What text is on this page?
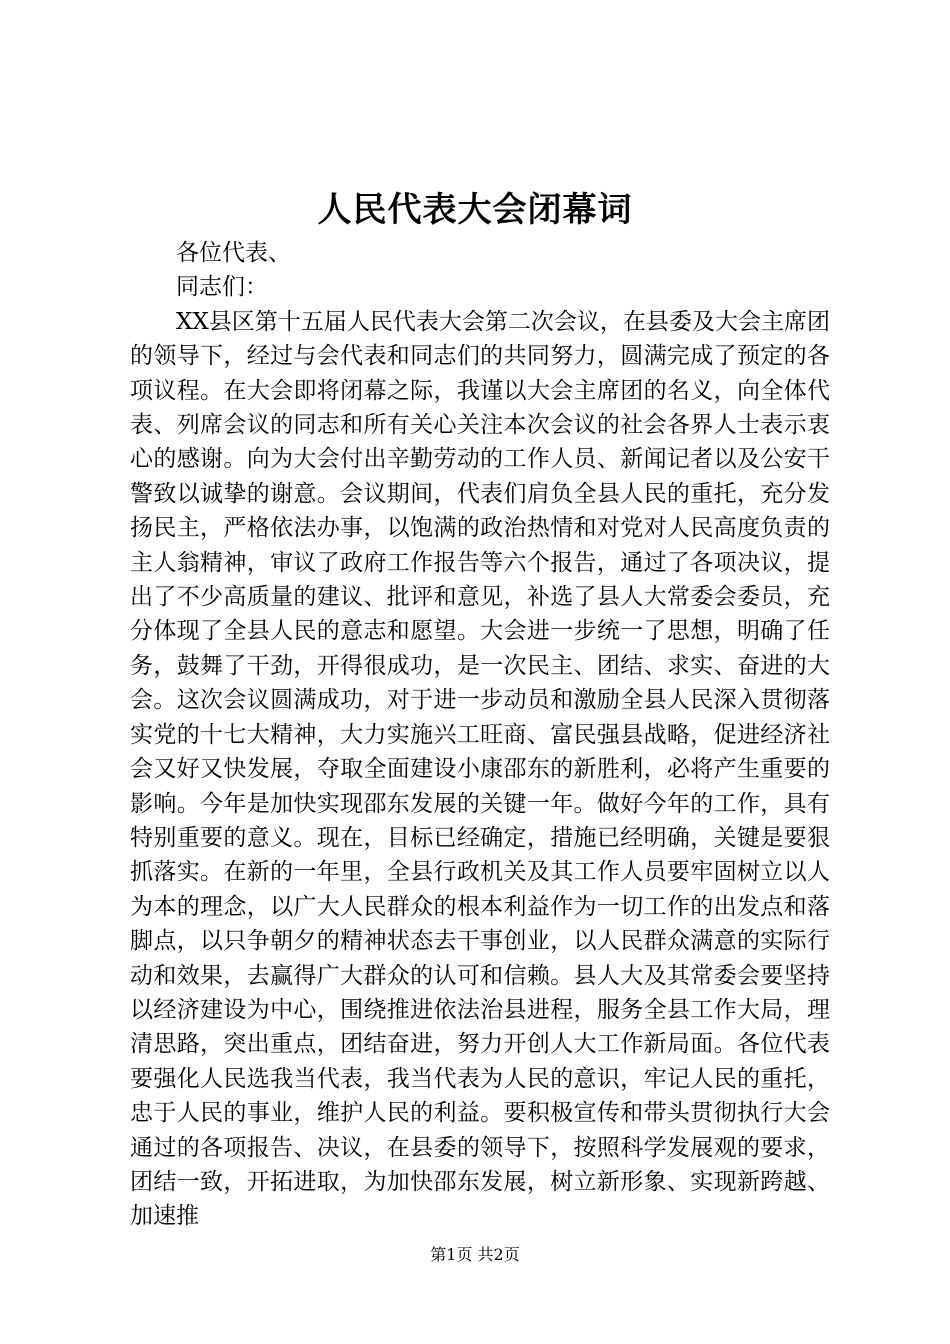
人民代表大会闭幕词

各位代表、

同志们：

XX县区第十五届人民代表大会第二次会议，在县委及大会主席团的领导下，经过与会代表和同志们的共同努力，圆满完成了预定的各项议程。在大会即将闭幕之际，我谨以大会主席团的名义，向全体代表、列席会议的同志和所有关心关注本次会议的社会各界人士表示衷心的感谢。向为大会付出辛勤劳动的工作人员、新闻记者以及公安干警致以诚挚的谢意。会议期间，代表们肩负全县人民的重托，充分发扬民主，严格依法办事，以饱满的政治热情和对党对人民高度负责的主人翁精神，审议了政府工作报告等六个报告，通过了各项决议，提出了不少高质量的建议、批评和意见，补选了县人大常委会委员，充分体现了全县人民的意志和愿望。大会进一步统一了思想，明确了任务，鼓舞了干劲，开得很成功，是一次民主、团结、求实、奋进的大会。这次会议圆满成功，对于进一步动员和激励全县人民深入贯彻落实党的十七大精神，大力实施兴工旺商、富民强县战略，促进经济社会又好又快发展，夺取全面建设小康邵东的新胜利，必将产生重要的影响。今年是加快实现邵东发展的关键一年。做好今年的工作，具有特别重要的意义。现在，目标已经确定，措施已经明确，关键是要狠抓落实。在新的一年里，全县行政机关及其工作人员要牢固树立以人为本的理念，以广大人民群众的根本利益作为一切工作的出发点和落脚点，以只争朝夕的精神状态去干事创业，以人民群众满意的实际行动和效果，去赢得广大群众的认可和信赖。县人大及其常委会要坚持以经济建设为中心，围绕推进依法治县进程，服务全县工作大局，理清思路，突出重点，团结奋进，努力开创人大工作新局面。各位代表要强化人民选我当代表，我当代表为人民的意识，牢记人民的重托，忠于人民的事业，维护人民的利益。要积极宣传和带头贯彻执行大会通过的各项报告、决议，在县委的领导下，按照科学发展观的要求，团结一致，开拓进取，为加快邵东发展，树立新形象、实现新跨越、加速推

第1页 共2页
